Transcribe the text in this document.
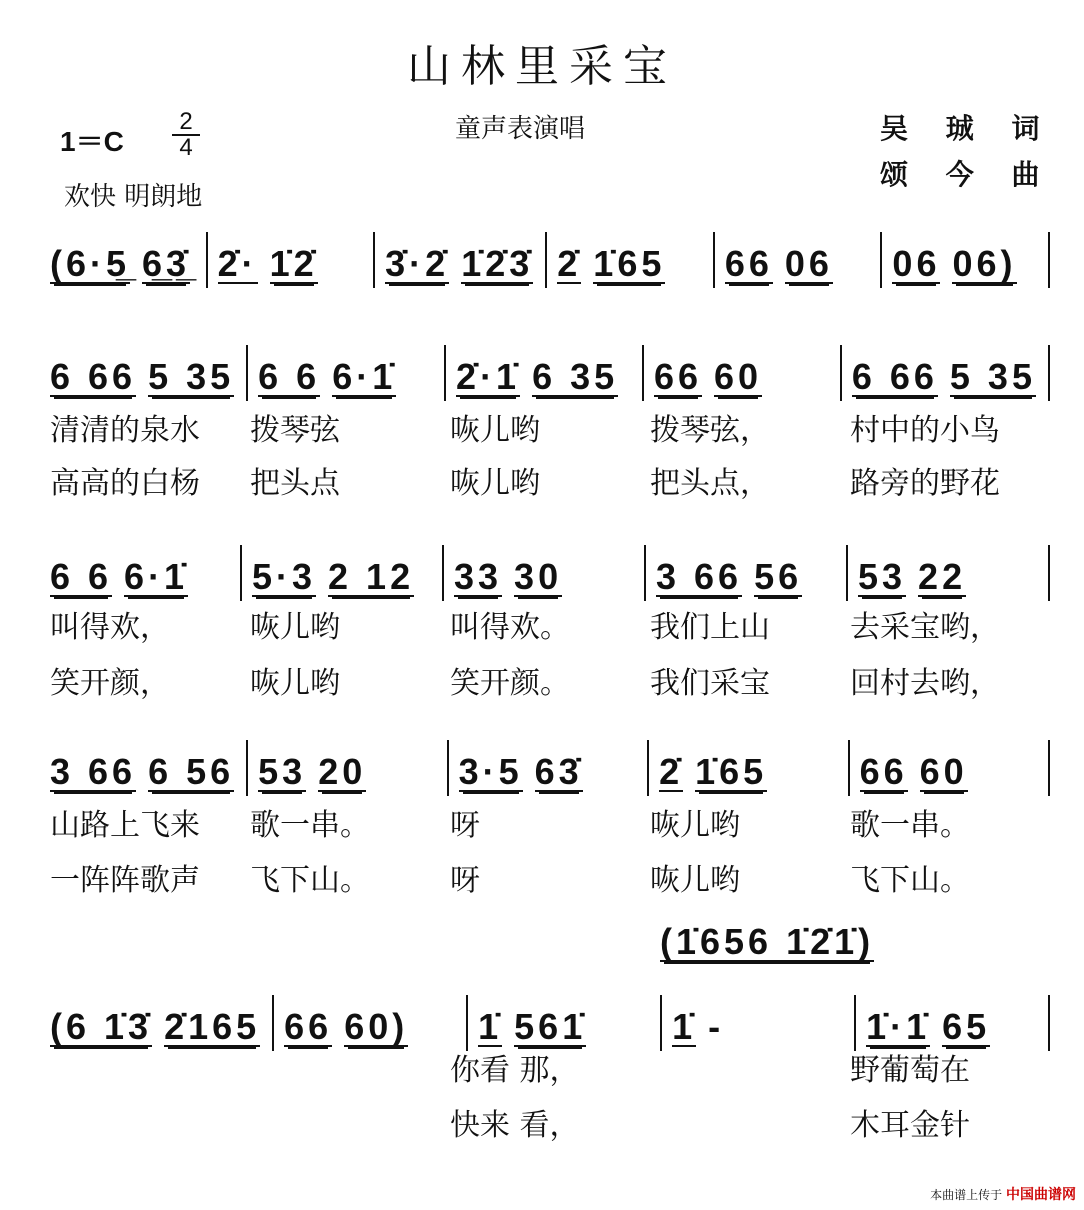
山林里采宝
童声表演唱
1＝C
2
4
欢快 明朗地
吴 珹 词
颂 今 曲
(6·5̲ 6̲3̲̇ 2̇· 1̇2̇ 3̇·2̇ 1̇2̇3̇ 2̇ 1̇65 66 06 06 06)
6 66 5 35 6 6 6·1̇ 2̇·1̇ 6 35 66 60 6 66 5 35
清清的泉水	拨琴弦	咴儿哟	拨琴弦，	村中的小鸟
高高的白杨	把头点	咴儿哟	把头点，	路旁的野花
6 6 6·1̇ 5·3 2 12 33 30	3 66 56 53 22
叫得欢，	咴儿哟	叫得欢。	我们上山	去采宝哟，
笑开颜，	咴儿哟	笑开颜。	我们采宝	回村去哟，
3 66 6 56 53 20	3·5 63̇ 2̇ 1̇65	66 60
山路上飞来	歌一串。	呀	咴儿哟	歌一串。
一阵阵歌声	飞下山。	呀	咴儿哟	飞下山。
(6 1̇3̇ 2̇165 66 60) 1̇ 561̇ 1̇ -	1̇·1̇ 65
(1̇656 1̇2̇1̇)
你看 那，	野葡萄在
快来 看，	木耳金针
本曲谱上传于 中国曲谱网
